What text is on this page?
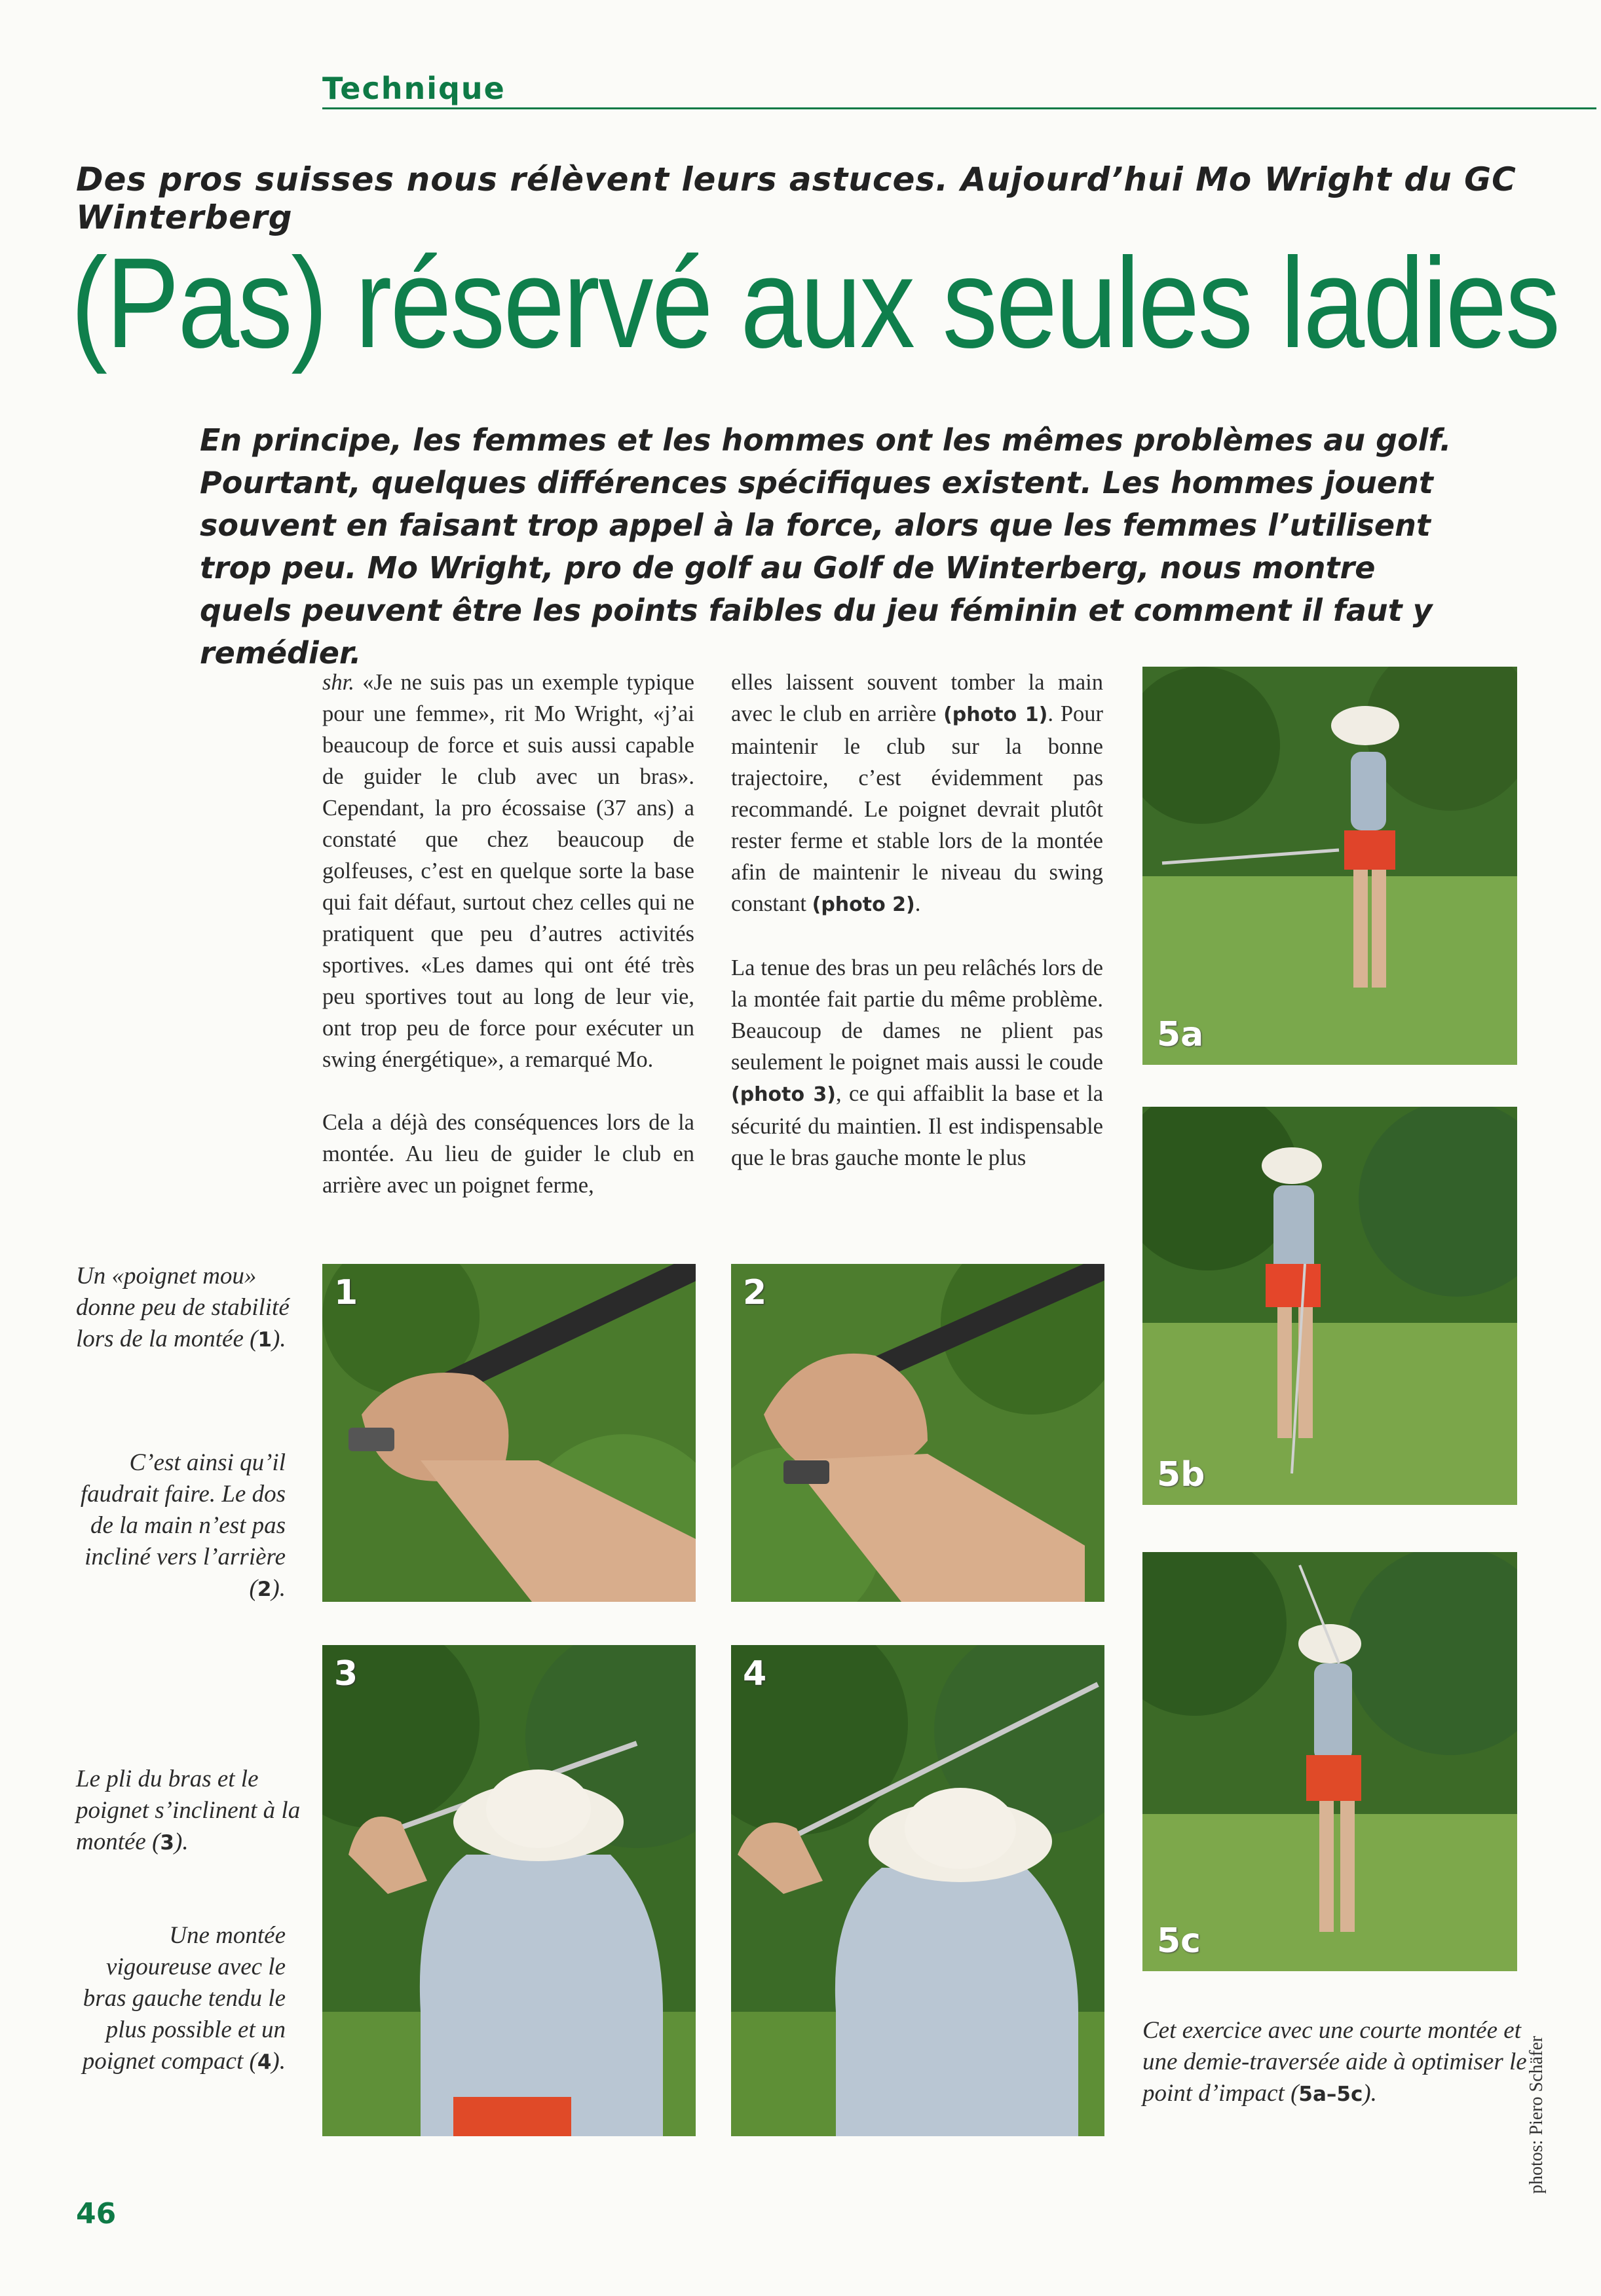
Technique
Des pros suisses nous rélèvent leurs astuces. Aujourd’hui Mo Wright du GC Winterberg
(Pas) réservé aux seules ladies
En principe, les femmes et les hommes ont les mêmes problèmes au golf. Pourtant, quelques différences spécifiques existent. Les hommes jouent souvent en faisant trop appel à la force, alors que les femmes l’utilisent trop peu. Mo Wright, pro de golf au Golf de Winterberg, nous montre quels peuvent être les points faibles du jeu féminin et comment il faut y remédier.

shr. «Je ne suis pas un exemple typique pour une femme», rit Mo Wright, «j’ai beaucoup de force et suis aussi capable de guider le club avec un bras». Cependant, la pro écossaise (37 ans) a constaté que chez beaucoup de golfeuses, c’est en quelque sorte la base qui fait défaut, surtout chez celles qui ne pratiquent que peu d’autres activités sportives. «Les dames qui ont été très peu sportives tout au long de leur vie, ont trop peu de force pour exécuter un swing énergétique», a remarqué Mo.

Cela a déjà des conséquences lors de la montée. Au lieu de guider le club en arrière avec un poignet ferme,

elles laissent souvent tomber la main avec le club en arrière (photo 1). Pour maintenir le club sur la bonne trajectoire, c’est évidemment pas recommandé. Le poignet devrait plutôt rester ferme et stable lors de la montée afin de maintenir le niveau du swing constant (photo 2).

La tenue des bras un peu relâchés lors de la montée fait partie du même problème. Beaucoup de dames ne plient pas seulement le poignet mais aussi le coude (photo 3), ce qui affaiblit la base et la sécurité du maintien. Il est indispensable que le bras gauche monte le plus

5a
5b
5c
1	2
3	4
Un «poignet mou» donne peu de stabilité lors de la montée (1).
C’est ainsi qu’il faudrait faire. Le dos de la main n’est pas incliné vers l’arrière (2).
Le pli du bras et le poignet s’inclinent à la montée (3).
Une montée vigoureuse avec le bras gauche tendu le plus possible et un poignet compact (4).
Cet exercice avec une courte montée et une demie-traversée aide à optimiser le point d’impact (5a–5c).	photos: Piero Schäfer
46
